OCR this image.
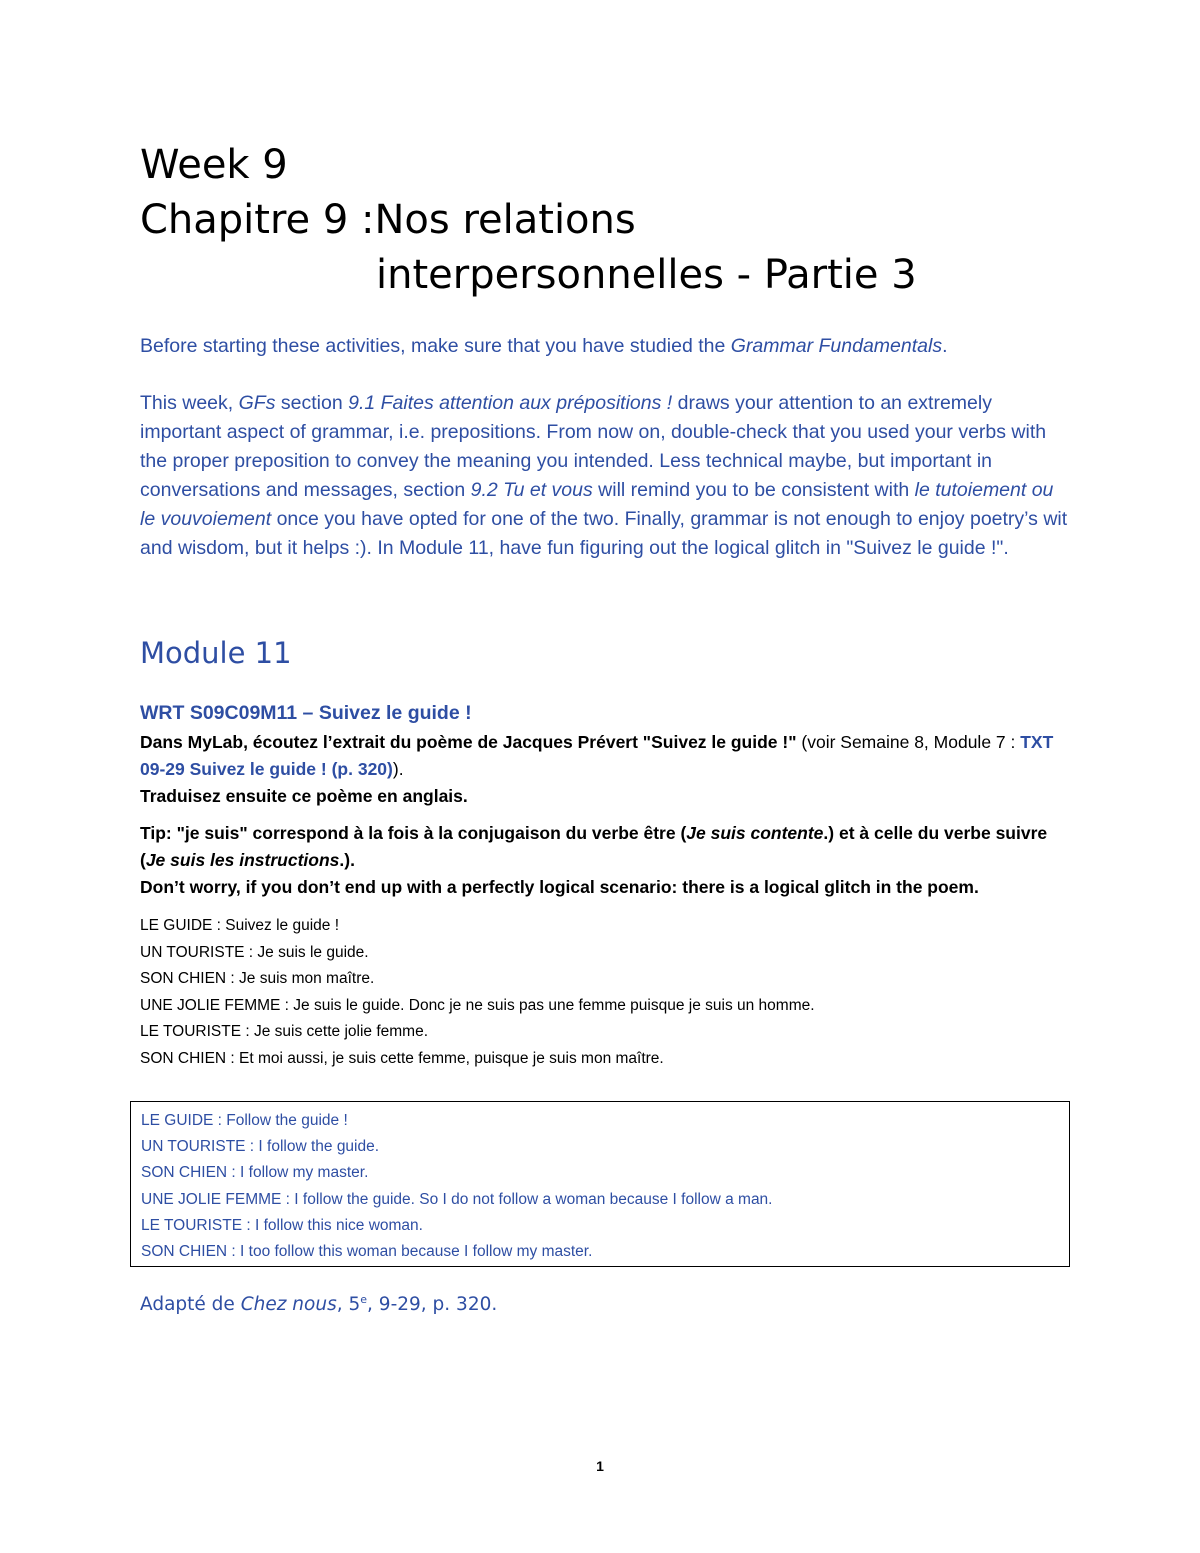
Week 9
Chapitre 9 :Nos relations
interpersonnelles - Partie 3

Before starting these activities, make sure that you have studied the Grammar Fundamentals.

This week, GFs section 9.1 Faites attention aux prépositions ! draws your attention to an extremely important aspect of grammar, i.e. prepositions. From now on, double-check that you used your verbs with the proper preposition to convey the meaning you intended. Less technical maybe, but important in conversations and messages, section 9.2 Tu et vous will remind you to be consistent with le tutoiement ou le vouvoiement once you have opted for one of the two. Finally, grammar is not enough to enjoy poetry’s wit and wisdom, but it helps :). In Module 11, have fun figuring out the logical glitch in "Suivez le guide !".

Module 11
WRT S09C09M11 – Suivez le guide !

Dans MyLab, écoutez l’extrait du poème de Jacques Prévert "Suivez le guide !" (voir Semaine 8, Module 7 : TXT 09-29 Suivez le guide ! (p. 320)).
Traduisez ensuite ce poème en anglais.

Tip: "je suis" correspond à la fois à la conjugaison du verbe être (Je suis contente.) et à celle du verbe suivre (Je suis les instructions.).
Don’t worry, if you don’t end up with a perfectly logical scenario: there is a logical glitch in the poem.

LE GUIDE : Suivez le guide !
UN TOURISTE : Je suis le guide.
SON CHIEN : Je suis mon maître.
UNE JOLIE FEMME : Je suis le guide. Donc je ne suis pas une femme puisque je suis un homme.
LE TOURISTE : Je suis cette jolie femme.
SON CHIEN : Et moi aussi, je suis cette femme, puisque je suis mon maître.
LE GUIDE : Follow the guide !
UN TOURISTE : I follow the guide.
SON CHIEN : I follow my master.
UNE JOLIE FEMME : I follow the guide. So I do not follow a woman because I follow a man.
LE TOURISTE : I follow this nice woman.
SON CHIEN : I too follow this woman because I follow my master.

Adapté de Chez nous, 5e, 9-29, p. 320.

1
